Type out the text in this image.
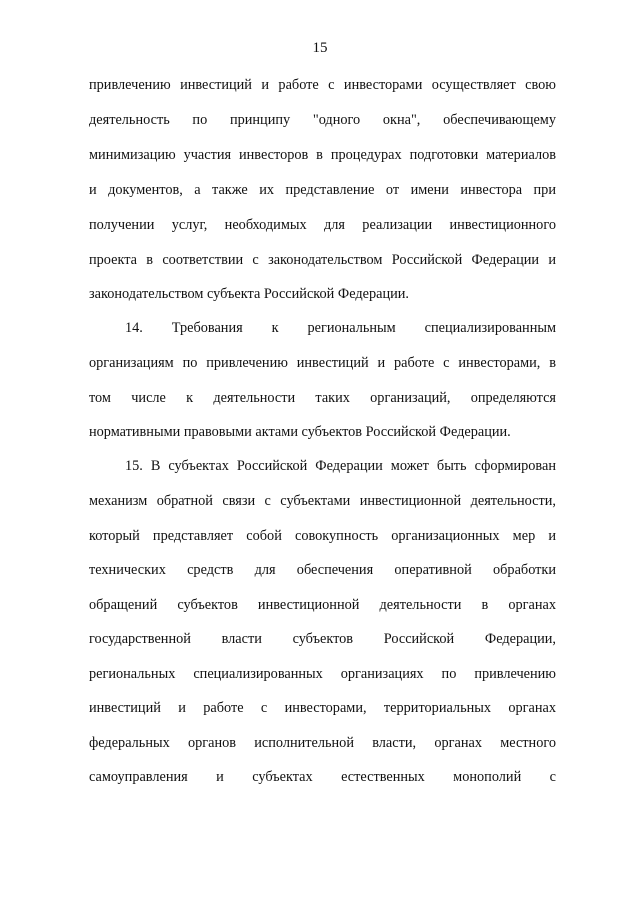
15
привлечению инвестиций и работе с инвесторами осуществляет свою
деятельность по принципу "одного окна", обеспечивающему
минимизацию участия инвесторов в процедурах подготовки материалов
и документов, а также их представление от имени инвестора при
получении услуг, необходимых для реализации инвестиционного
проекта в соответствии с законодательством Российской Федерации и
законодательством субъекта Российской Федерации.
14. Требования к региональным специализированным
организациям по привлечению инвестиций и работе с инвесторами, в
том числе к деятельности таких организаций, определяются
нормативными правовыми актами субъектов Российской Федерации.
15. В субъектах Российской Федерации может быть сформирован
механизм обратной связи с субъектами инвестиционной деятельности,
который представляет собой совокупность организационных мер и
технических средств для обеспечения оперативной обработки
обращений субъектов инвестиционной деятельности в органах
государственной власти субъектов Российской Федерации,
региональных специализированных организациях по привлечению
инвестиций и работе с инвесторами, территориальных органах
федеральных органов исполнительной власти, органах местного
самоуправления и субъектах естественных монополий с
